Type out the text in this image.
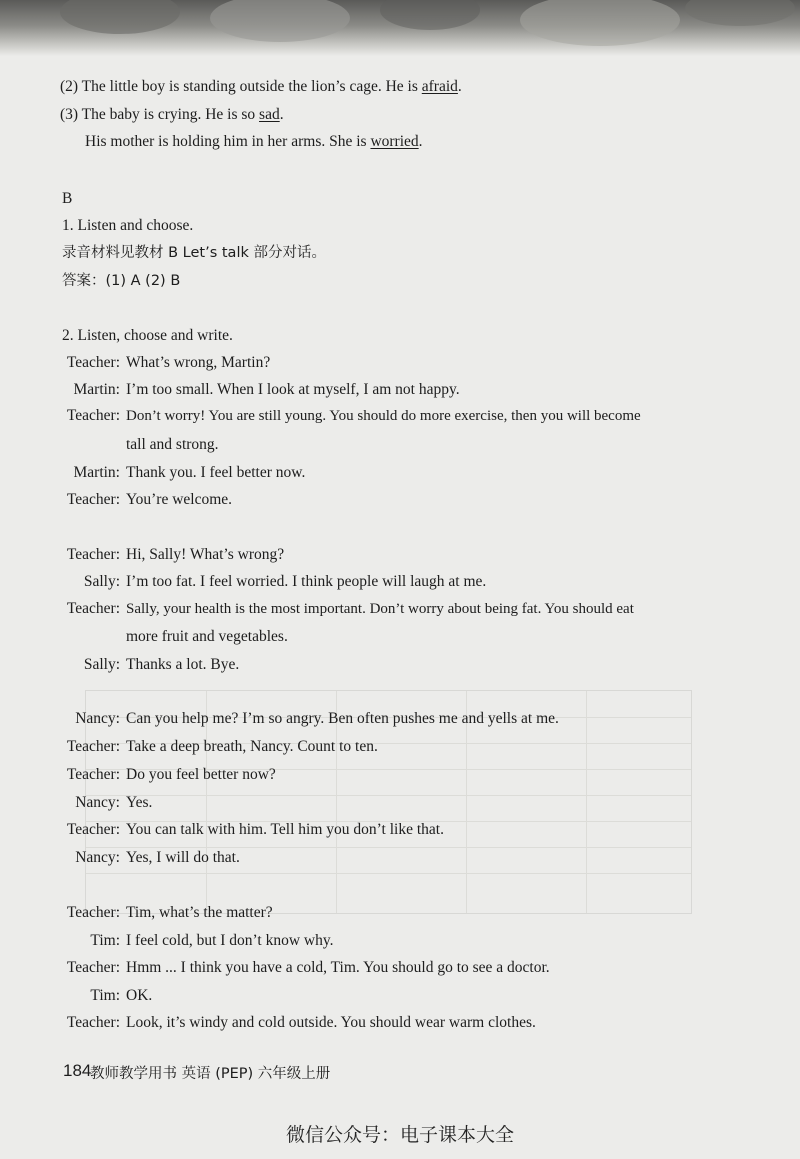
(2) The little boy is standing outside the lion’s cage. He is afraid.
(3) The baby is crying. He is so sad.
His mother is holding him in her arms. She is worried.
B
1. Listen and choose.
录音材料见教材 B Let’s talk 部分对话。
答案：(1) A (2) B
2. Listen, choose and write.
Teacher: What’s wrong, Martin?
Martin: I’m too small. When I look at myself, I am not happy.
Teacher: Don’t worry! You are still young. You should do more exercise, then you will become
tall and strong.
Martin: Thank you. I feel better now.
Teacher: You’re welcome.
Teacher: Hi, Sally! What’s wrong?
Sally: I’m too fat. I feel worried. I think people will laugh at me.
Teacher: Sally, your health is the most important. Don’t worry about being fat. You should eat
more fruit and vegetables.
Sally: Thanks a lot. Bye.
Nancy: Can you help me? I’m so angry. Ben often pushes me and yells at me.
Teacher: Take a deep breath, Nancy. Count to ten.
Teacher: Do you feel better now?
Nancy: Yes.
Teacher: You can talk with him. Tell him you don’t like that.
Nancy: Yes, I will do that.
Teacher: Tim, what’s the matter?
Tim: I feel cold, but I don’t know why.
Teacher: Hmm ... I think you have a cold, Tim. You should go to see a doctor.
Tim: OK.
Teacher: Look, it’s windy and cold outside. You should wear warm clothes.
184
教师教学用书 英语 (PEP) 六年级上册
微信公众号：电子课本大全
